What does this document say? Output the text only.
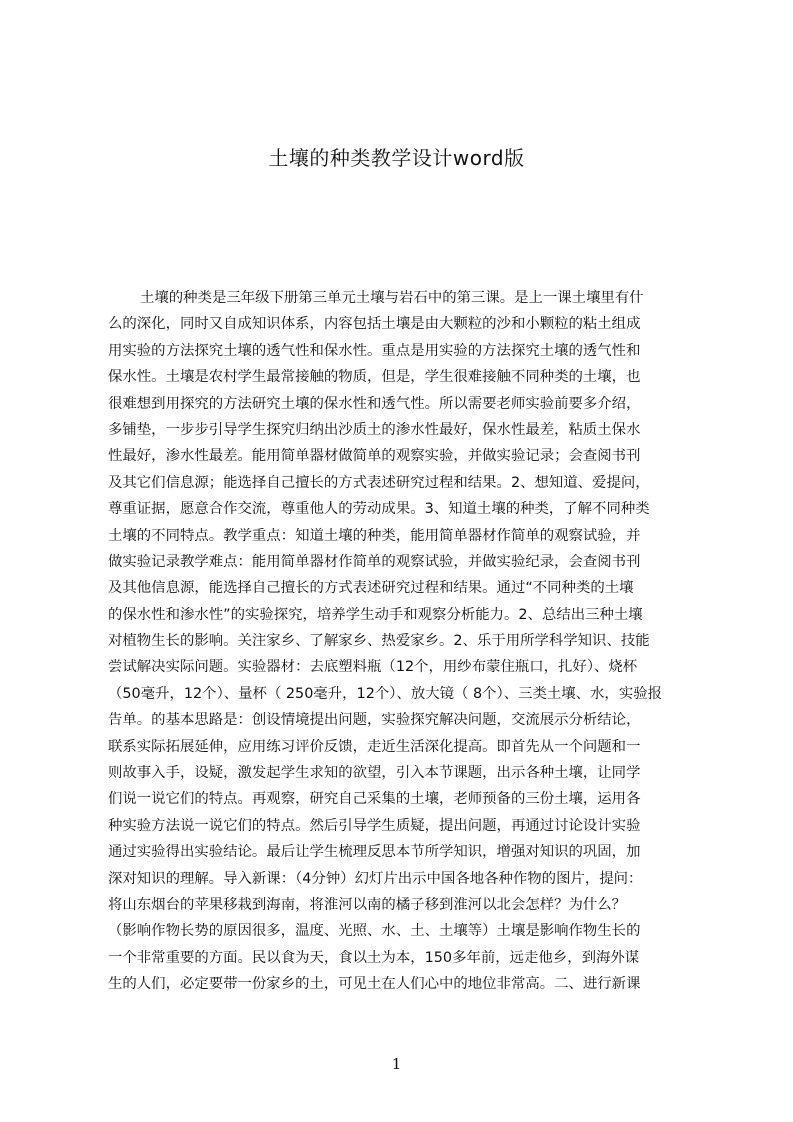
土壤的种类教学设计word版
土壤的种类是三年级下册第三单元土壤与岩石中的第三课。是上一课土壤里有什
么的深化，同时又自成知识体系，内容包括土壤是由大颗粒的沙和小颗粒的粘土组成
用实验的方法探究土壤的透气性和保水性。重点是用实验的方法探究土壤的透气性和
保水性。土壤是农村学生最常接触的物质，但是，学生很难接触不同种类的土壤，也
很难想到用探究的方法研究土壤的保水性和透气性。所以需要老师实验前要多介绍，
多铺垫，一步步引导学生探究归纳出沙质土的渗水性最好，保水性最差，粘质土保水
性最好，渗水性最差。能用简单器材做简单的观察实验，并做实验记录；会查阅书刊
及其它们信息源；能选择自己擅长的方式表述研究过程和结果。2、想知道、爱提问，
尊重证据，愿意合作交流，尊重他人的劳动成果。3、知道土壤的种类，了解不同种类
土壤的不同特点。教学重点：知道土壤的种类，能用简单器材作简单的观察试验，并
做实验记录教学难点：能用简单器材作简单的观察试验，并做实验纪录，会查阅书刊
及其他信息源，能选择自己擅长的方式表述研究过程和结果。通过“不同种类的土壤
的保水性和渗水性”的实验探究，培养学生动手和观察分析能力。2、总结出三种土壤
对植物生长的影响。关注家乡、了解家乡、热爱家乡。2、乐于用所学科学知识、技能
尝试解决实际问题。实验器材：去底塑料瓶（12个，用纱布蒙住瓶口，扎好）、烧杯
（50毫升，12个）、量杯（ 250毫升，12个）、放大镜（ 8个）、三类土壤、水，实验报
告单。的基本思路是：创设情境提出问题，实验探究解决问题，交流展示分析结论，
联系实际拓展延伸，应用练习评价反馈，走近生活深化提高。即首先从一个问题和一
则故事入手，设疑，激发起学生求知的欲望，引入本节课题，出示各种土壤，让同学
们说一说它们的特点。再观察，研究自己采集的土壤，老师预备的三份土壤，运用各
种实验方法说一说它们的特点。然后引导学生质疑，提出问题，再通过讨论设计实验
通过实验得出实验结论。最后让学生梳理反思本节所学知识，增强对知识的巩固，加
深对知识的理解。导入新课：（4分钟）幻灯片出示中国各地各种作物的图片，提问：
将山东烟台的苹果移栽到海南，将淮河以南的橘子移到淮河以北会怎样？为什么？
（影响作物长势的原因很多，温度、光照、水、土、土壤等）土壤是影响作物生长的
一个非常重要的方面。民以食为天，食以土为本，150多年前，远走他乡，到海外谋
生的人们，必定要带一份家乡的土，可见土在人们心中的地位非常高。二、进行新课
1
